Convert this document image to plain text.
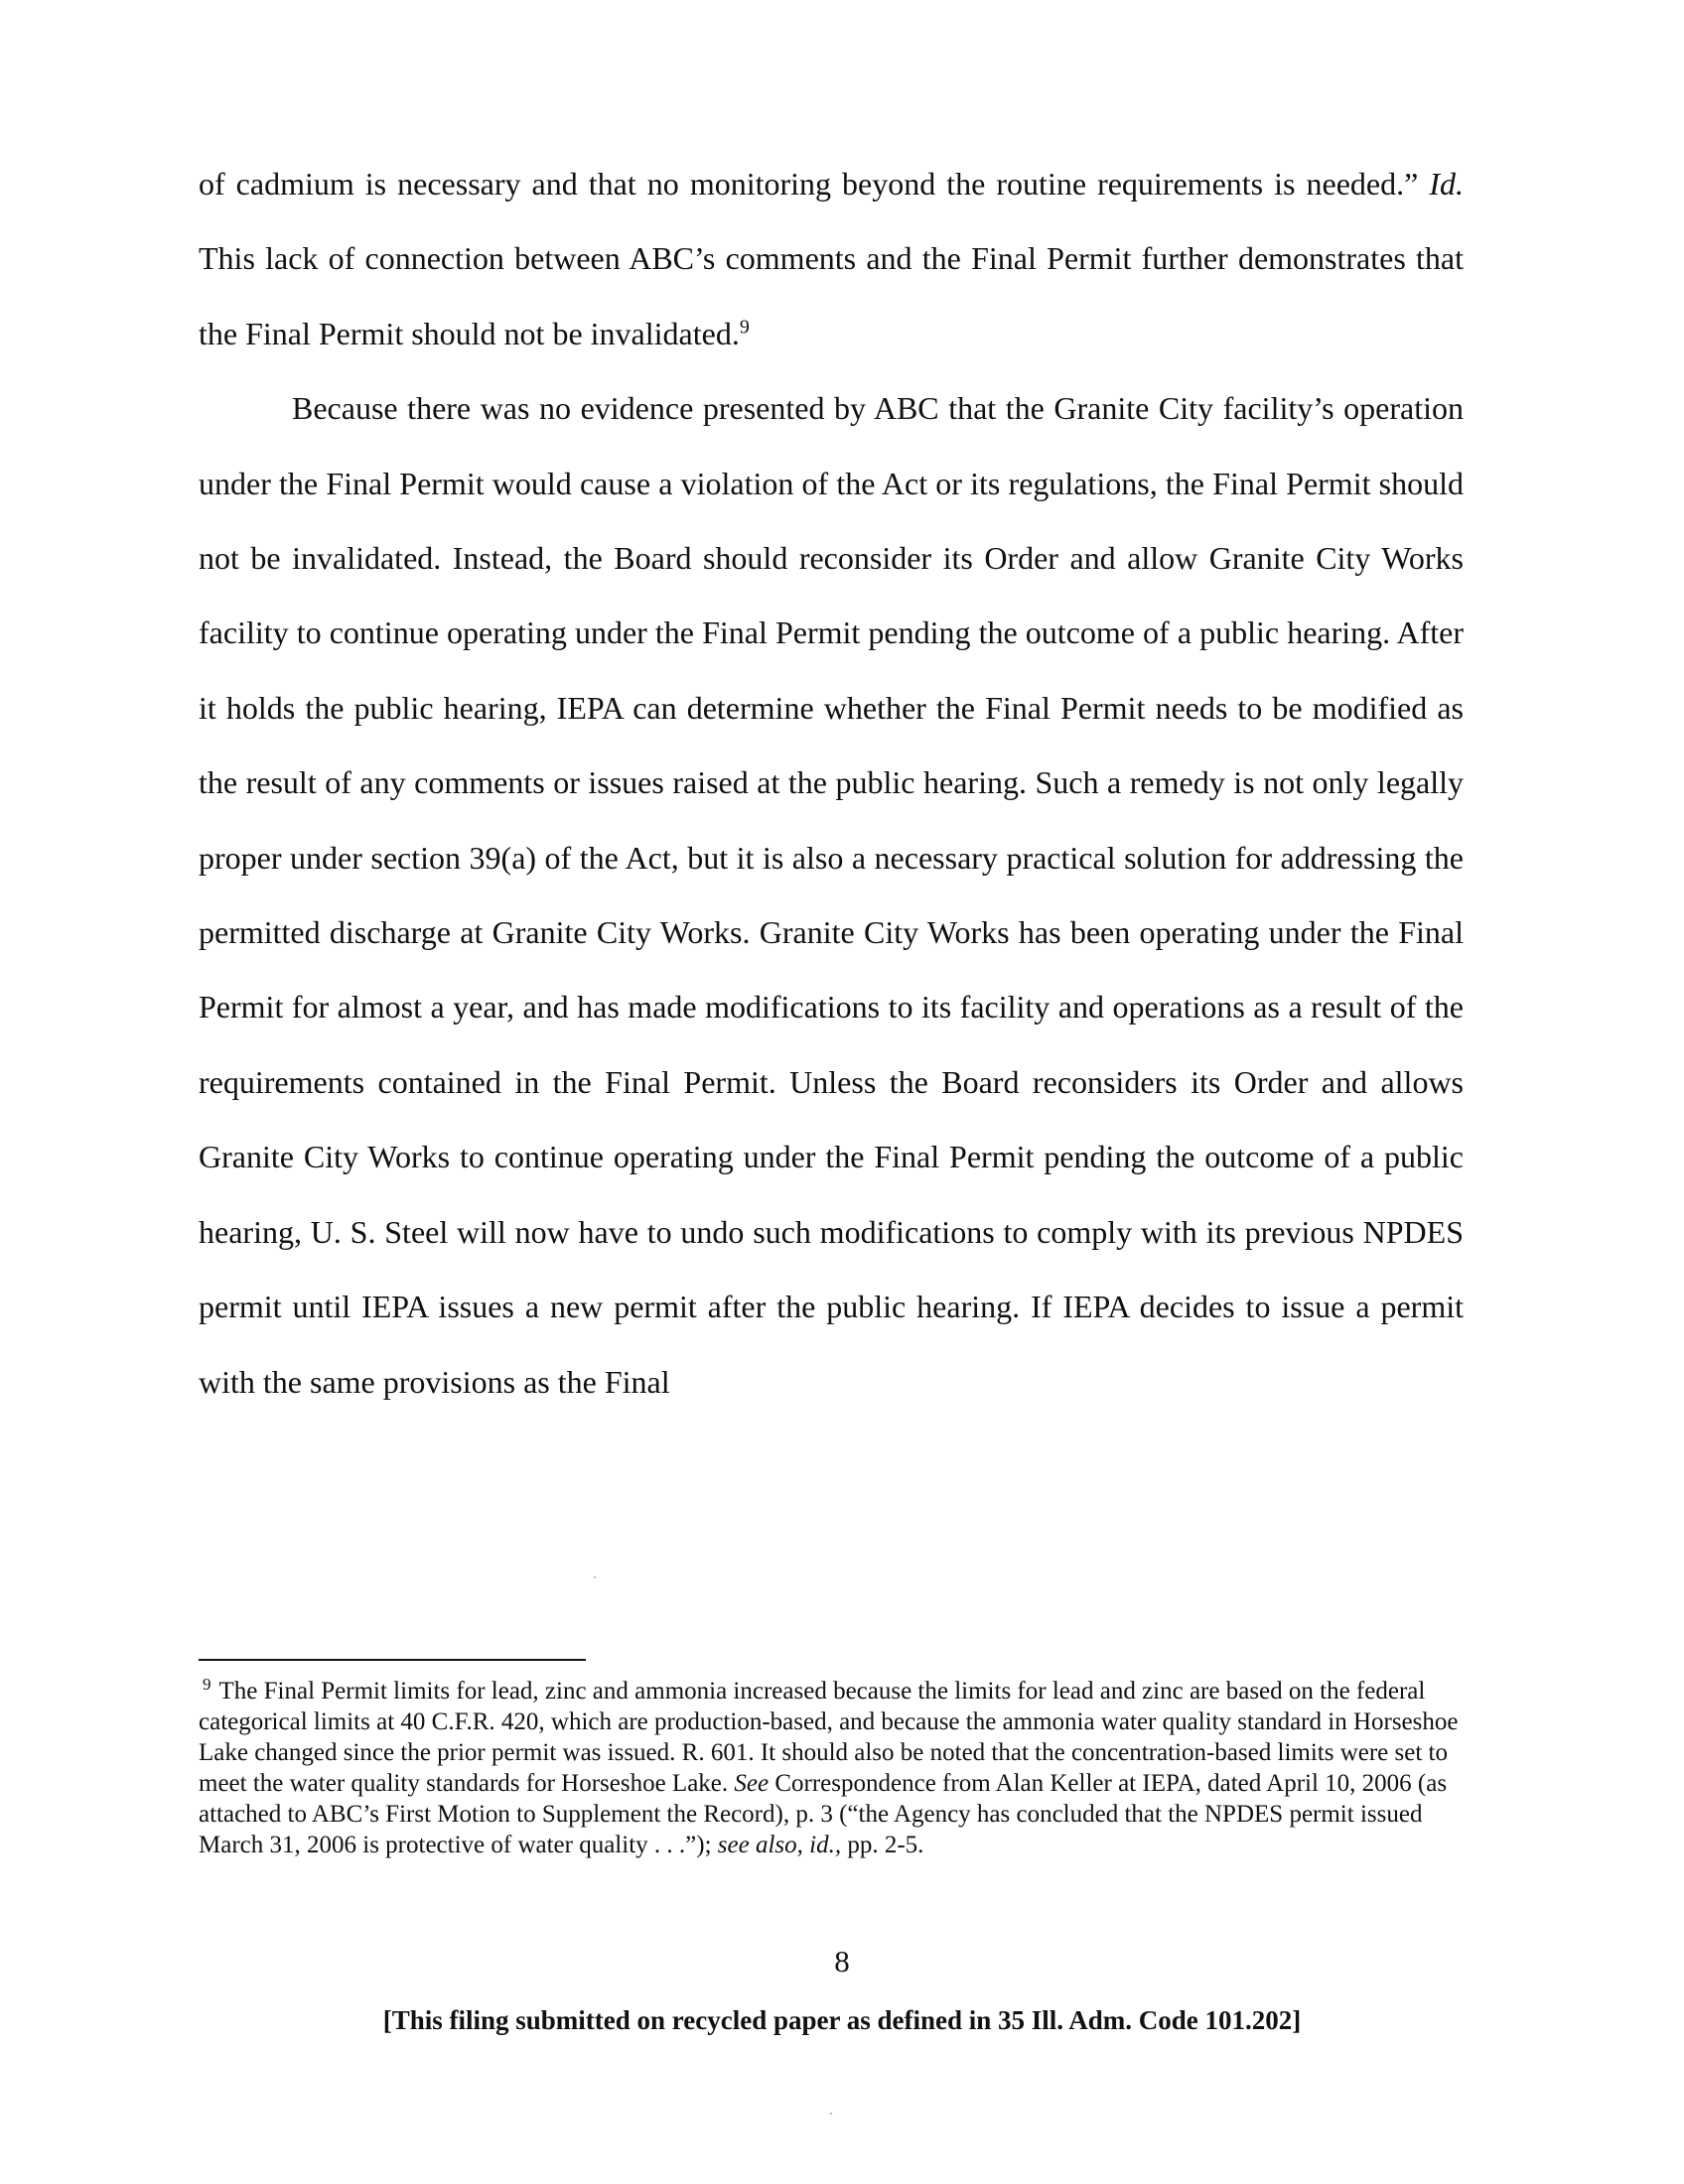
of cadmium is necessary and that no monitoring beyond the routine requirements is needed.” Id. This lack of connection between ABC’s comments and the Final Permit further demonstrates that the Final Permit should not be invalidated.$^9$

Because there was no evidence presented by ABC that the Granite City facility’s operation under the Final Permit would cause a violation of the Act or its regulations, the Final Permit should not be invalidated. Instead, the Board should reconsider its Order and allow Granite City Works facility to continue operating under the Final Permit pending the outcome of a public hearing. After it holds the public hearing, IEPA can determine whether the Final Permit needs to be modified as the result of any comments or issues raised at the public hearing. Such a remedy is not only legally proper under section 39(a) of the Act, but it is also a necessary practical solution for addressing the permitted discharge at Granite City Works. Granite City Works has been operating under the Final Permit for almost a year, and has made modifications to its facility and operations as a result of the requirements contained in the Final Permit. Unless the Board reconsiders its Order and allows Granite City Works to continue operating under the Final Permit pending the outcome of a public hearing, U. S. Steel will now have to undo such modifications to comply with its previous NPDES permit until IEPA issues a new permit after the public hearing. If IEPA decides to issue a permit with the same provisions as the Final

$^9$ The Final Permit limits for lead, zinc and ammonia increased because the limits for lead and zinc are based on the federal categorical limits at 40 C.F.R. 420, which are production-based, and because the ammonia water quality standard in Horseshoe Lake changed since the prior permit was issued. R. 601. It should also be noted that the concentration-based limits were set to meet the water quality standards for Horseshoe Lake. See Correspondence from Alan Keller at IEPA, dated April 10, 2006 (as attached to ABC’s First Motion to Supplement the Record), p. 3 (“the Agency has concluded that the NPDES permit issued March 31, 2006 is protective of water quality . . .”); see also, id., pp. 2-5.

8
[This filing submitted on recycled paper as defined in 35 Ill. Adm. Code 101.202]
